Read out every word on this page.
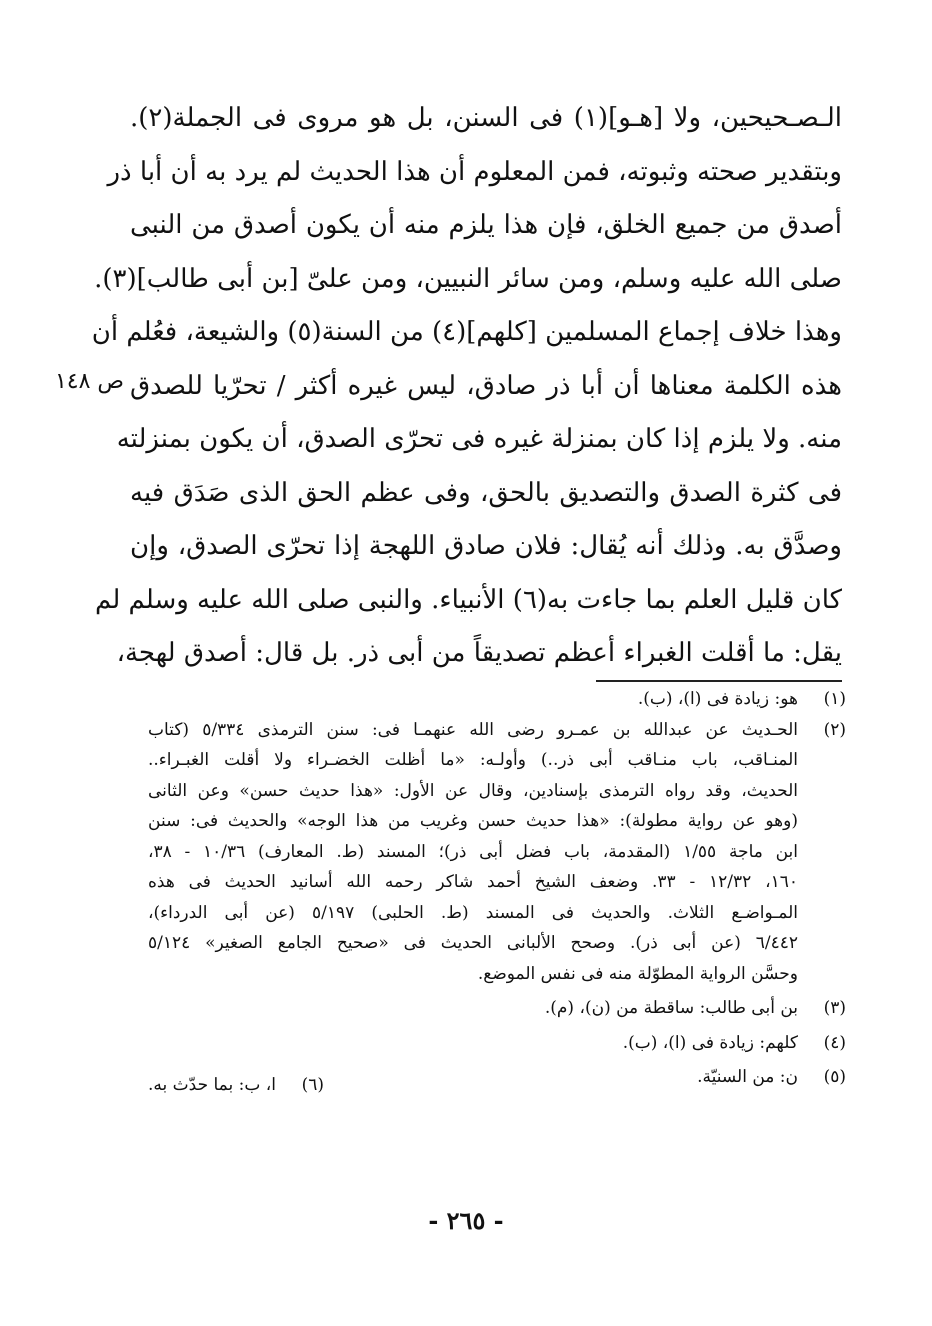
الـصـحيحين، ولا [هـو](١) فى السنن، بل هو مروى فى الجملة(٢).
وبتقدير صحته وثبوته، فمن المعلوم أن هذا الحديث لم يرد به أن أبا ذر
أصدق من جميع الخلق، فإن هذا يلزم منه أن يكون أصدق من النبى
صلى الله عليه وسلم، ومن سائر النبيين، ومن علىّ [بن أبى طالب](٣).
وهذا خلاف إجماع المسلمين [كلهم](٤) من السنة(٥) والشيعة، فعُلم أن
هذه الكلمة معناها أن أبا ذر صادق، ليس غيره أكثر / تحرّيا للصدق
منه. ولا يلزم إذا كان بمنزلة غيره فى تحرّى الصدق، أن يكون بمنزلته
فى كثرة الصدق والتصديق بالحق، وفى عظم الحق الذى صَدَق فيه
وصدَّق به. وذلك أنه يُقال: فلان صادق اللهجة إذا تحرّى الصدق، وإن
كان قليل العلم بما جاءت به(٦) الأنبياء. والنبى صلى الله عليه وسلم لم
يقل: ما أقلت الغبراء أعظم تصديقاً من أبى ذر. بل قال: أصدق لهجة،
ص ١٤٨
(١)
هو: زيادة فى (ا)، (ب).
(٢)
الحـديث عن عبدالله بن عمـرو رضى الله عنهمـا فى: سنن الترمذى ٥/٣٣٤ (كتاب
المنـاقب، باب منـاقب أبى ذر..) وأولـه: «ما أظلت الخضـراء ولا أقلت الغبـراء..
الحديث، وقد رواه الترمذى بإسنادين، وقال عن الأول: «هذا حديث حسن» وعن الثانى
(وهو عن رواية مطولة): «هذا حديث حسن وغريب من هذا الوجه» والحديث فى: سنن
ابن ماجة ١/٥٥ (المقدمة، باب فضل أبى ذر)؛ المسند (ط. المعارف) ١٠/٣٦ - ٣٨،
١٦٠، ١٢/٣٢ - ٣٣. وضعف الشيخ أحمد شاكر رحمه الله أسانيد الحديث فى هذه
المـواضـع الثلاث. والحديث فى المسند (ط. الحلبى) ٥/١٩٧ (عن أبى الدرداء)،
٦/٤٤٢ (عن أبى ذر). وصحح الألبانى الحديث فى «صحيح الجامع الصغير» ٥/١٢٤
وحسَّن الرواية المطوّلة منه فى نفس الموضع.
(٣)
بن أبى طالب: ساقطة من (ن)، (م).
(٤)
كلهم: زيادة فى (ا)، (ب).
(٥)
ن: من السنيّة.
(٦)
ا، ب: بما حدّث به.
- ٢٦٥ -
